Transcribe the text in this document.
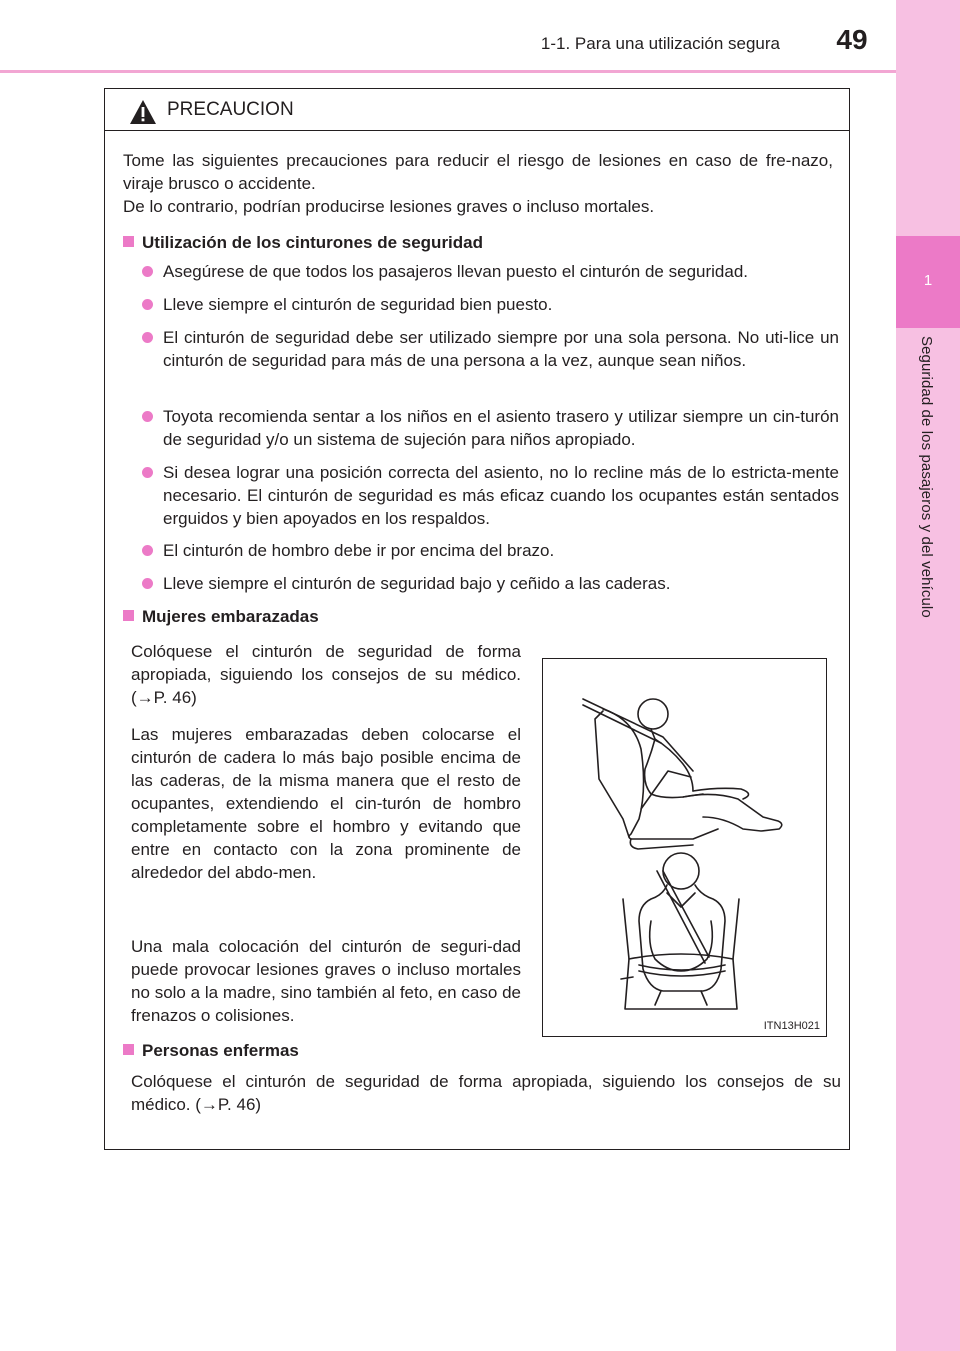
1-1. Para una utilización segura	49
1
Seguridad de los pasajeros y del vehículo
PRECAUCION

Tome las siguientes precauciones para reducir el riesgo de lesiones en caso de fre-nazo, viraje brusco o accidente.

De lo contrario, podrían producirse lesiones graves o incluso mortales.

Utilización de los cinturones de seguridad
Asegúrese de que todos los pasajeros llevan puesto el cinturón de seguridad.
Lleve siempre el cinturón de seguridad bien puesto.
El cinturón de seguridad debe ser utilizado siempre por una sola persona. No uti-lice un cinturón de seguridad para más de una persona a la vez, aunque sean niños.
Toyota recomienda sentar a los niños en el asiento trasero y utilizar siempre un cin-turón de seguridad y/o un sistema de sujeción para niños apropiado.
Si desea lograr una posición correcta del asiento, no lo recline más de lo estricta-mente necesario. El cinturón de seguridad es más eficaz cuando los ocupantes están sentados erguidos y bien apoyados en los respaldos.
El cinturón de hombro debe ir por encima del brazo.
Lleve siempre el cinturón de seguridad bajo y ceñido a las caderas.
Mujeres embarazadas

Colóquese el cinturón de seguridad de forma apropiada, siguiendo los consejos de su médico. (→P. 46)

Las mujeres embarazadas deben colocarse el cinturón de cadera lo más bajo posible encima de las caderas, de la misma manera que el resto de ocupantes, extendiendo el cin-turón de hombro completamente sobre el hombro y evitando que entre en contacto con la zona prominente de alrededor del abdo-men.

Una mala colocación del cinturón de seguri-dad puede provocar lesiones graves o incluso mortales no solo a la madre, sino también al feto, en caso de frenazos o colisiones.

Personas enfermas

Colóquese el cinturón de seguridad de forma apropiada, siguiendo los consejos de su médico. (→P. 46)

ITN13H021
